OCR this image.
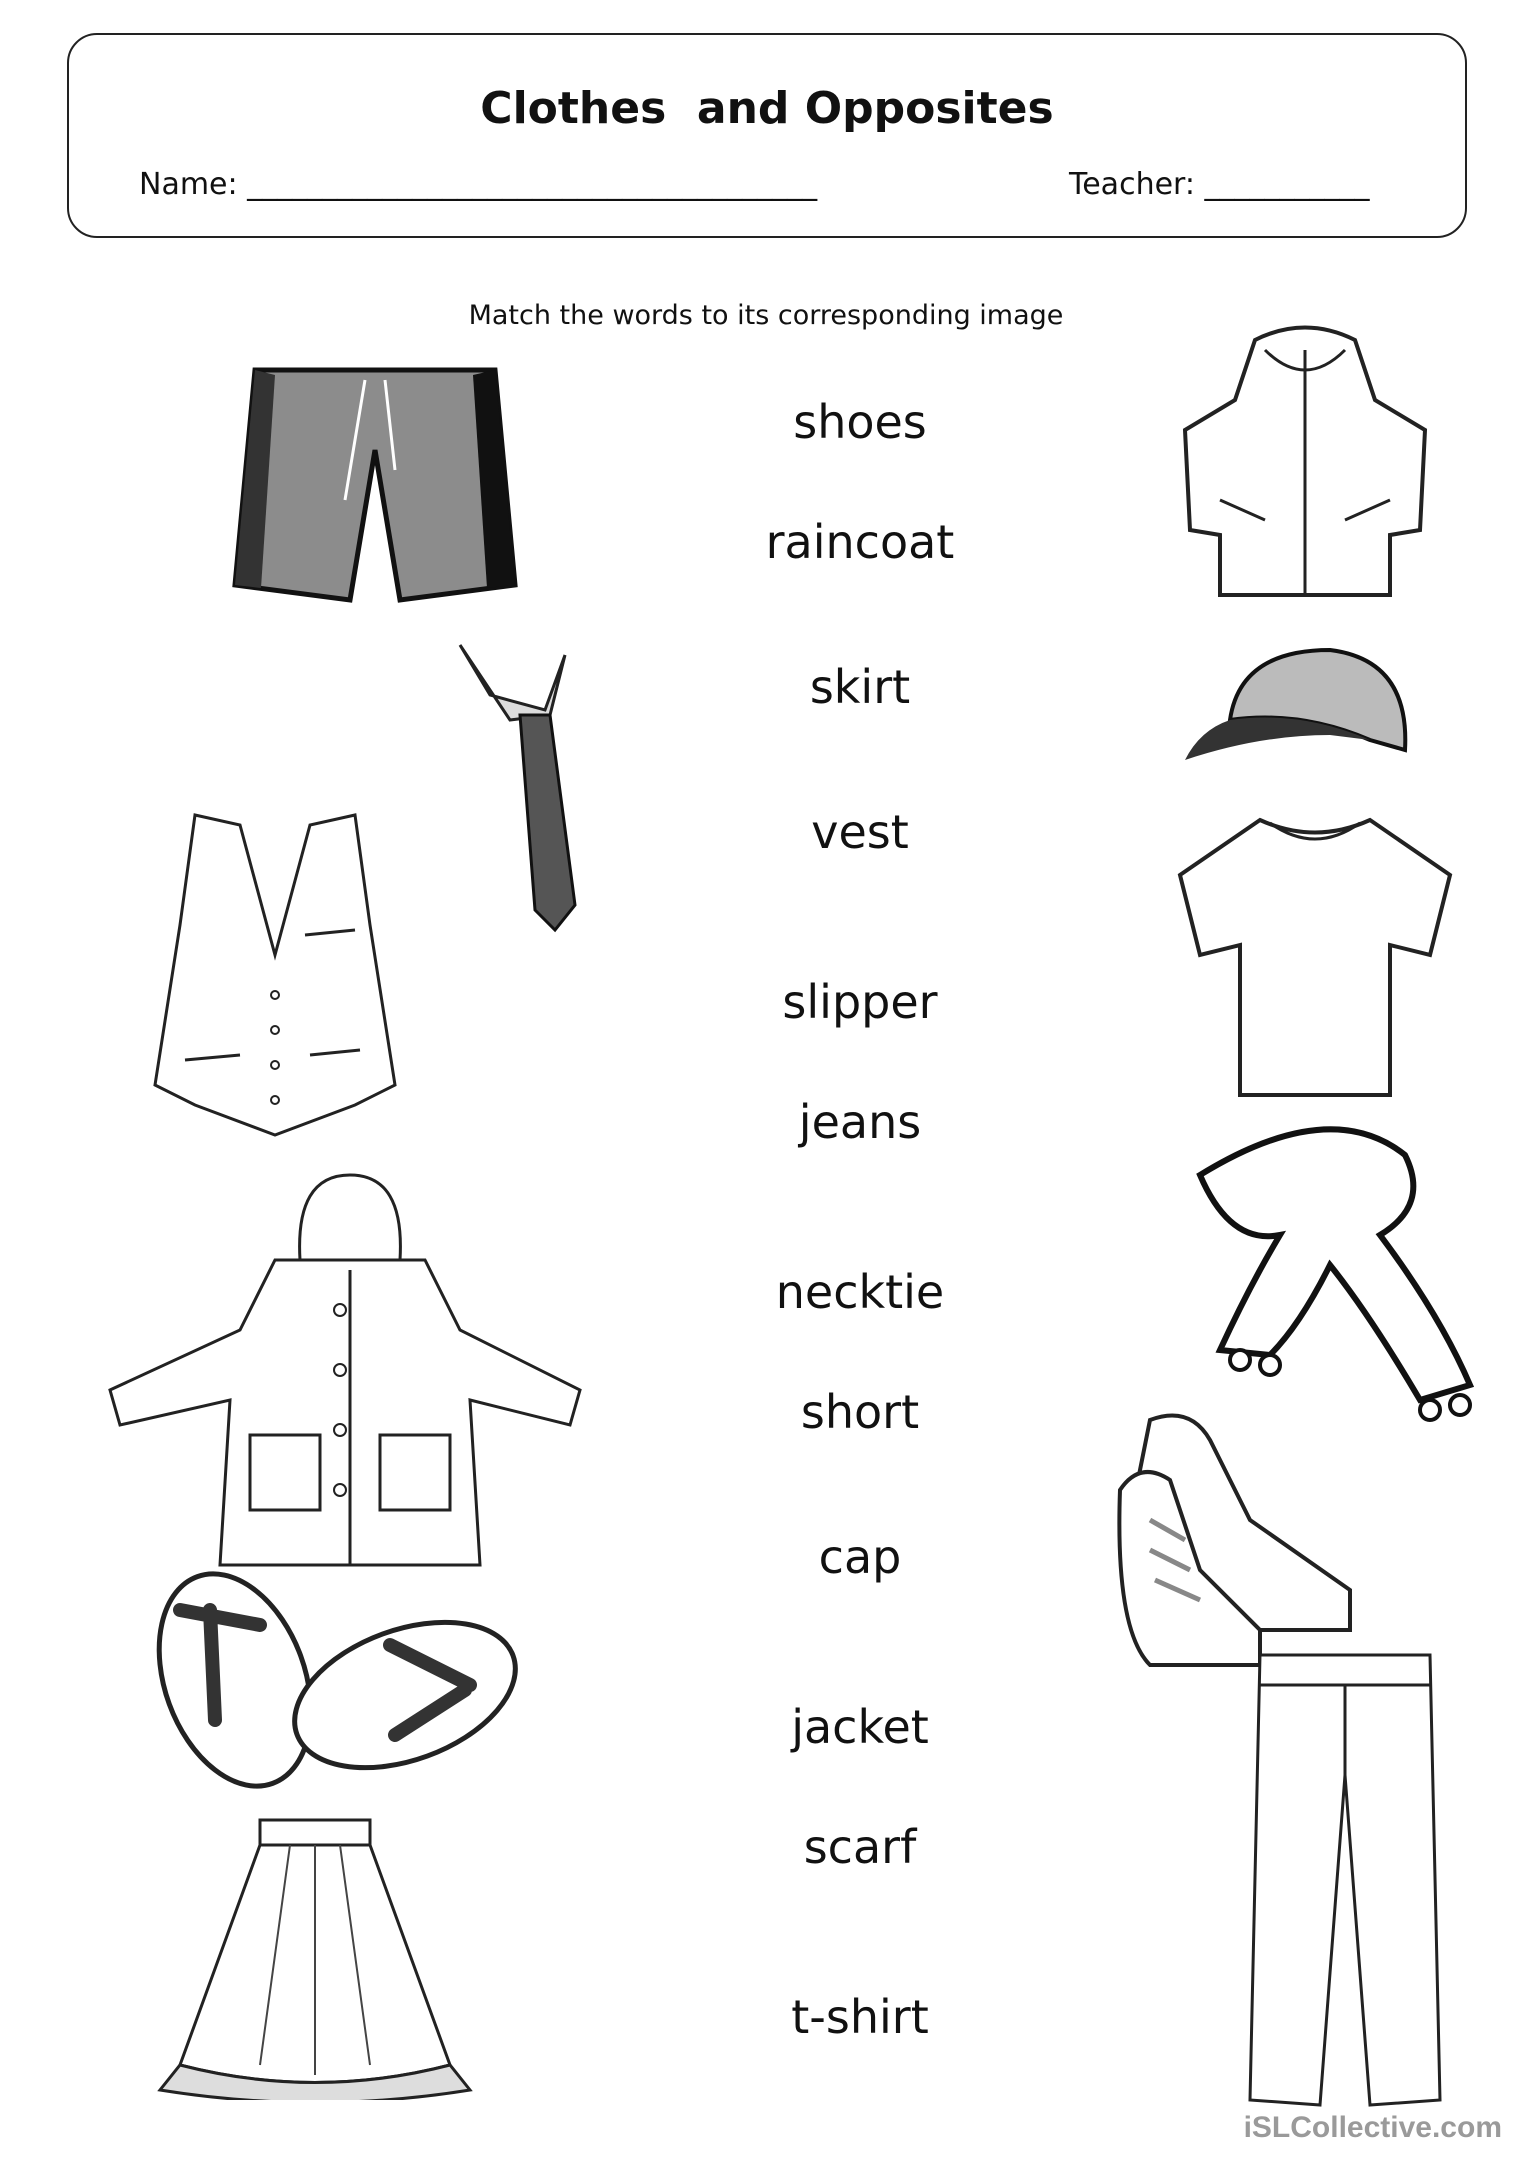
Clothes  and Opposites
Name: ______________________________________	Teacher: ___________
Match the words to its corresponding image
shoes
raincoat
skirt
vest
slipper
jeans
necktie
short
cap
jacket
scarf
t-shirt
iSLCollective.com
